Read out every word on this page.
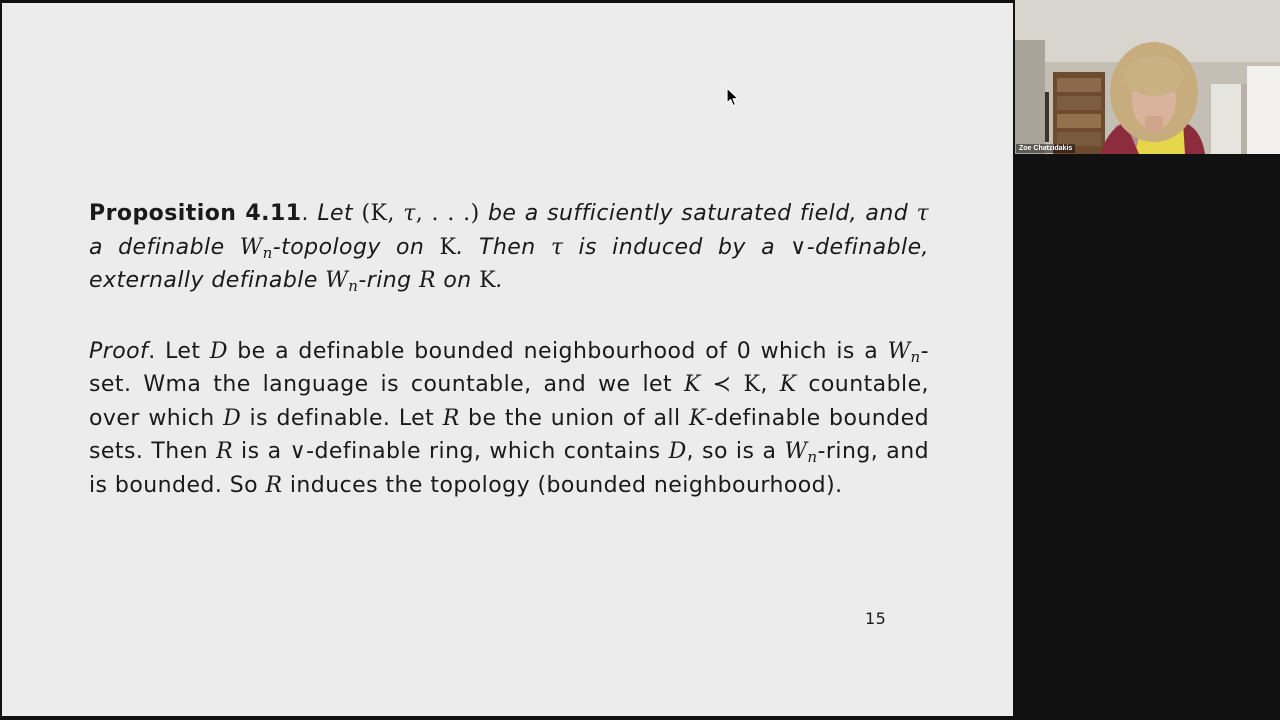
Proposition 4.11. Let (K, τ, . . .) be a sufficiently saturated field, and τ a definable $W_n$-topology on K. Then τ is induced by a ∨-definable, externally definable $W_n$-ring R on K.

Proof. Let D be a definable bounded neighbourhood of 0 which is a $W_n$-set. Wma the language is countable, and we let K ≺ K, K countable, over which D is definable. Let R be the union of all K-definable bounded sets. Then R is a ∨-definable ring, which contains D, so is a $W_n$-ring, and is bounded. So R induces the topology (bounded neighbourhood).

15
Zoe Chatzidakis
